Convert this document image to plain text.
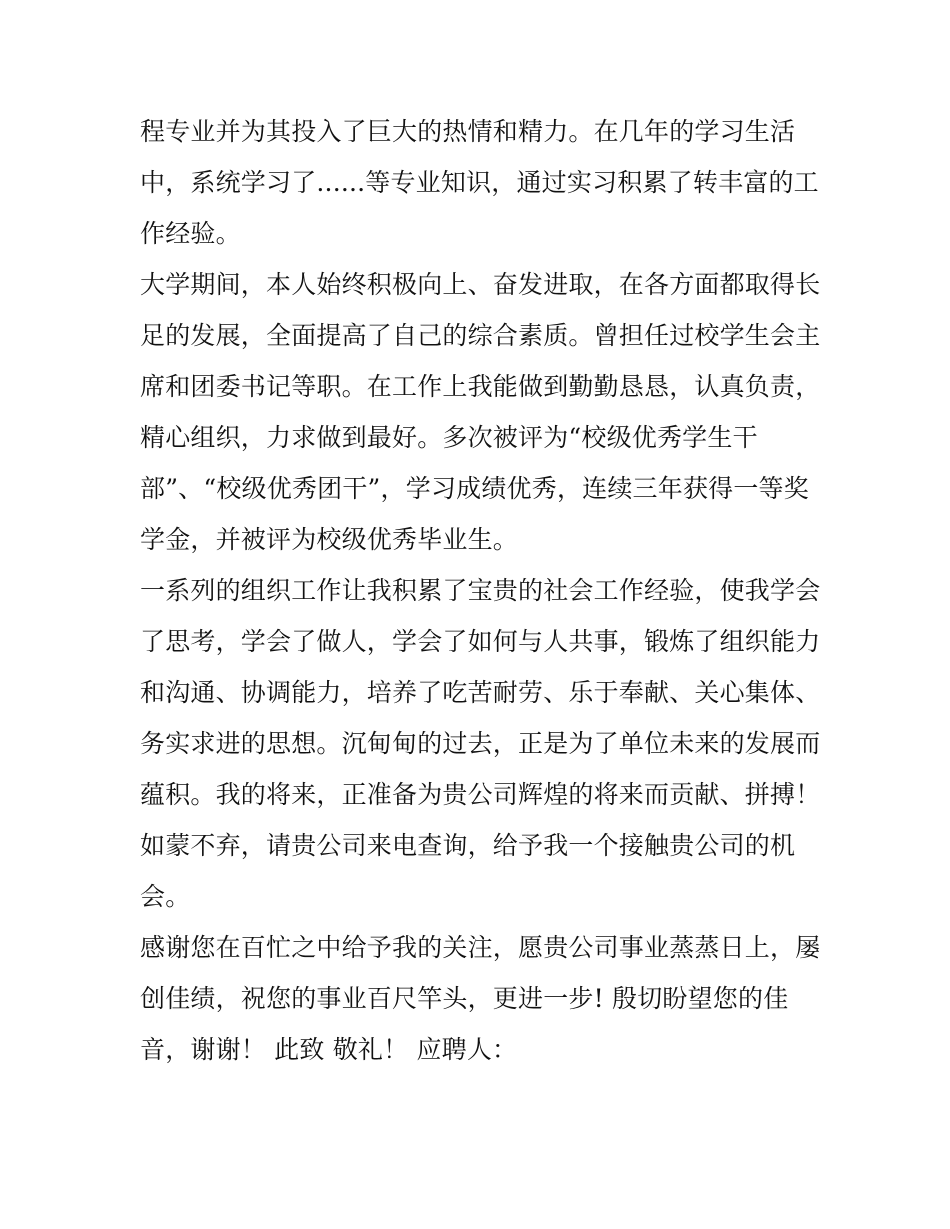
程专业并为其投入了巨大的热情和精力。在几年的学习生活
中，系统学习了......等专业知识，通过实习积累了转丰富的工
作经验。
大学期间，本人始终积极向上、奋发进取，在各方面都取得长
足的发展，全面提高了自己的综合素质。曾担任过校学生会主
席和团委书记等职。在工作上我能做到勤勤恳恳，认真负责，
精心组织，力求做到最好。多次被评为“校级优秀学生干
部”、“校级优秀团干”，学习成绩优秀，连续三年获得一等奖
学金，并被评为校级优秀毕业生。
一系列的组织工作让我积累了宝贵的社会工作经验，使我学会
了思考，学会了做人，学会了如何与人共事，锻炼了组织能力
和沟通、协调能力，培养了吃苦耐劳、乐于奉献、关心集体、
务实求进的思想。沉甸甸的过去，正是为了单位未来的发展而
蕴积。我的将来，正准备为贵公司辉煌的将来而贡献、拼搏！
如蒙不弃，请贵公司来电查询，给予我一个接触贵公司的机
会。
感谢您在百忙之中给予我的关注，愿贵公司事业蒸蒸日上，屡
创佳绩，祝您的事业百尺竿头，更进一步! 殷切盼望您的佳
音，谢谢！ 此致 敬礼！ 应聘人：
